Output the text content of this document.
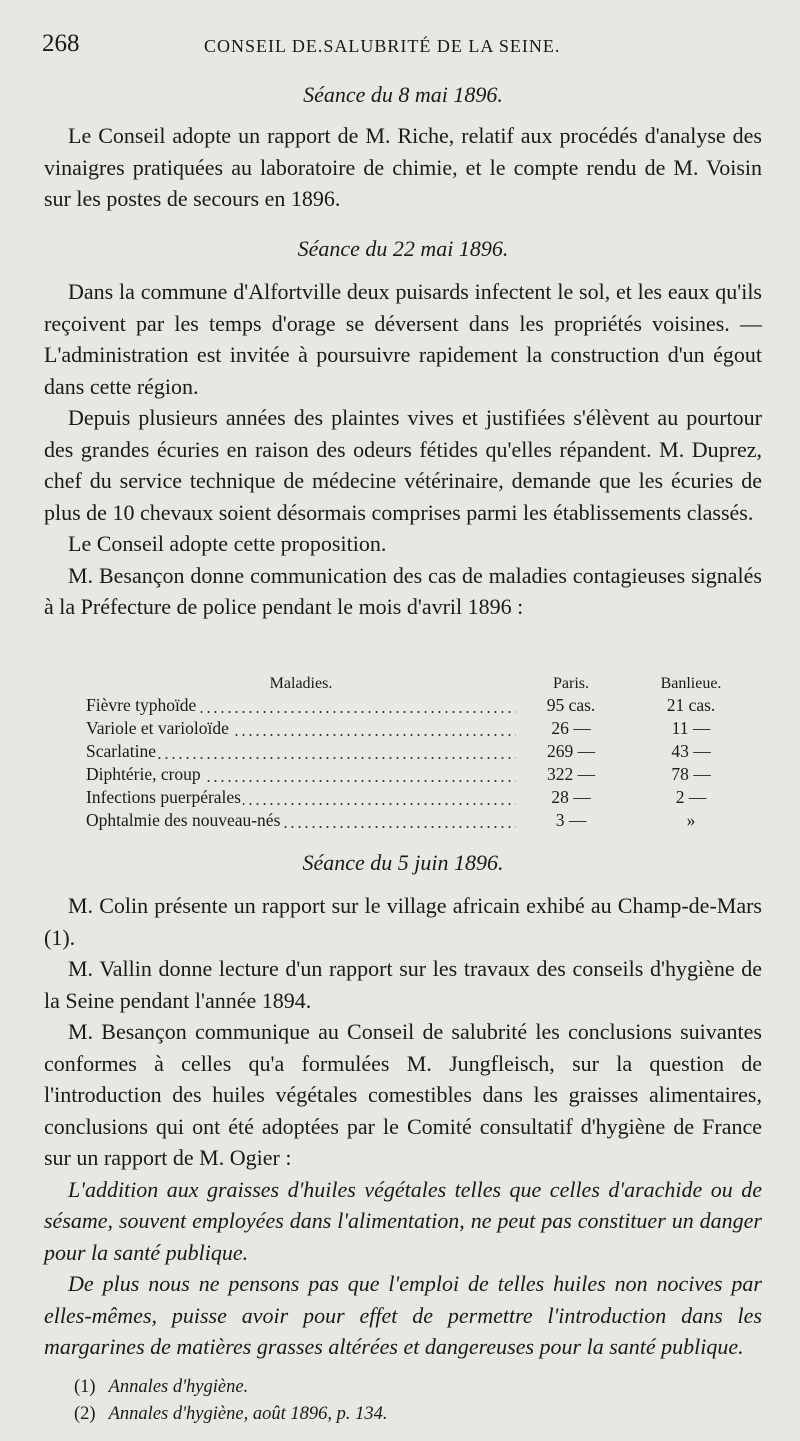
268	CONSEIL DE.SALUBRITÉ DE LA SEINE.

Séance du 8 mai 1896.

Le Conseil adopte un rapport de M. Riche, relatif aux procédés d'analyse des vinaigres pratiquées au laboratoire de chimie, et le compte rendu de M. Voisin sur les postes de secours en 1896.

Séance du 22 mai 1896.

Dans la commune d'Alfortville deux puisards infectent le sol, et les eaux qu'ils reçoivent par les temps d'orage se déversent dans les propriétés voisines. — L'administration est invitée à poursuivre rapidement la construction d'un égout dans cette région.

Depuis plusieurs années des plaintes vives et justifiées s'élèvent au pourtour des grandes écuries en raison des odeurs fétides qu'elles répandent. M. Duprez, chef du service technique de médecine vétérinaire, demande que les écuries de plus de 10 chevaux soient désormais comprises parmi les établissements classés.

Le Conseil adopte cette proposition.

M. Besançon donne communication des cas de maladies contagieuses signalés à la Préfecture de police pendant le mois d'avril 1896 :

Maladies.	Paris.	Banlieue.
Fièvre typhoïde	95 cas.	21 cas.
Variole et varioloïde	26 —	11 —
Scarlatine	269 —	43 —
Diphtérie, croup	322 —	78 —
Infections puerpérales	28 —	2 —
Ophtalmie des nouveau-nés	3 —	»

Séance du 5 juin 1896.

M. Colin présente un rapport sur le village africain exhibé au Champ-de-Mars (1).

M. Vallin donne lecture d'un rapport sur les travaux des conseils d'hygiène de la Seine pendant l'année 1894.

M. Besançon communique au Conseil de salubrité les conclusions suivantes conformes à celles qu'a formulées M. Jungfleisch, sur la question de l'introduction des huiles végétales comestibles dans les graisses alimentaires, conclusions qui ont été adoptées par le Comité consultatif d'hygiène de France sur un rapport de M. Ogier :

L'addition aux graisses d'huiles végétales telles que celles d'arachide ou de sésame, souvent employées dans l'alimentation, ne peut pas constituer un danger pour la santé publique.

De plus nous ne pensons pas que l'emploi de telles huiles non nocives par elles-mêmes, puisse avoir pour effet de permettre l'introduction dans les margarines de matières grasses altérées et dangereuses pour la santé publique.

(1) Annales d'hygiène.
(2) Annales d'hygiène, août 1896, p. 134.
